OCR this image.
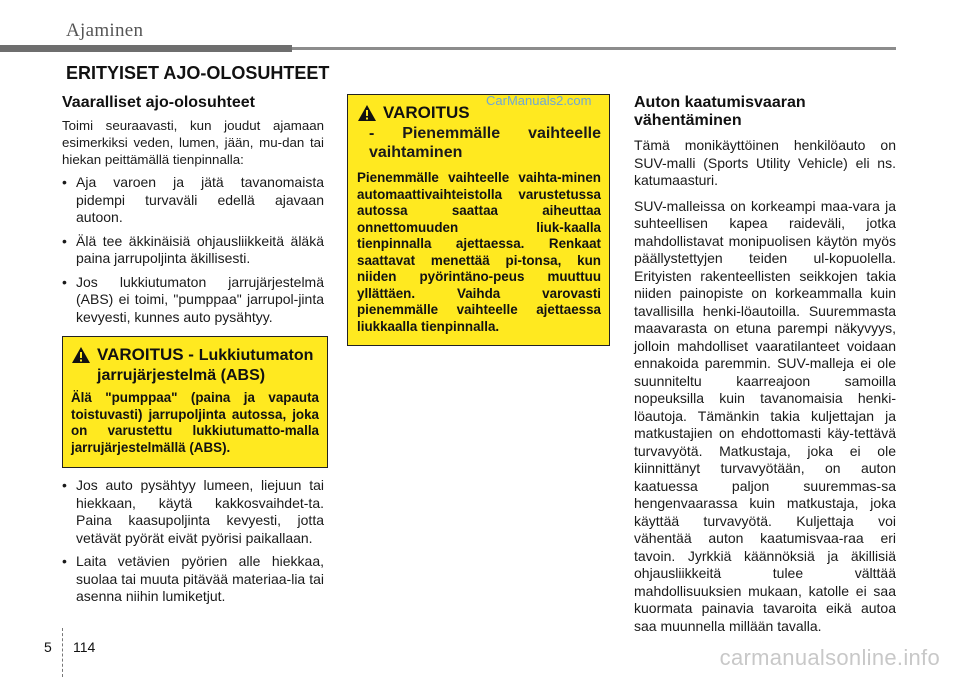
Ajaminen
ERITYISET AJO-OLOSUHTEET
Vaaralliset ajo-olosuhteet

Toimi seuraavasti, kun joudut ajamaan esimerkiksi veden, lumen, jään, mu-dan tai hiekan peittämällä tienpinnalla:

• Aja varoen ja jätä tavanomaista pidempi turvaväli edellä ajavaan autoon.
• Älä tee äkkinäisiä ohjausliikkeitä äläkä paina jarrupoljinta äkillisesti.
• Jos lukkiutumaton jarrujärjestelmä (ABS) ei toimi, "pumppaa" jarrupol-jinta kevyesti, kunnes auto pysähtyy.
VAROITUS - Lukkiutumaton
jarrujärjestelmä (ABS)
Älä "pumppaa" (paina ja vapauta toistuvasti) jarrupoljinta autossa, joka on varustettu lukkiutumatto-malla jarrujärjestelmällä (ABS).
• Jos auto pysähtyy lumeen, liejuun tai hiekkaan, käytä kakkosvaihdet-ta. Paina kaasupoljinta kevyesti, jotta vetävät pyörät eivät pyörisi paikallaan.
• Laita vetävien pyörien alle hiekkaa, suolaa tai muuta pitävää materiaa-lia tai asenna niihin lumiketjut.
VAROITUS
- Pienemmälle vaihteelle vaihtaminen
Pienemmälle vaihteelle vaihta-minen automaattivaihteistolla varustetussa autossa saattaa aiheuttaa onnettomuuden liuk-kaalla tienpinnalla ajettaessa. Renkaat saattavat menettää pi-tonsa, kun niiden pyörintäno-peus muuttuu yllättäen. Vaihda varovasti pienemmälle vaihteelle ajettaessa liukkaalla tienpinnalla.
CarManuals2.com	Auton kaatumisvaaran vähentäminen

Tämä monikäyttöinen henkilöauto on SUV-malli (Sports Utility Vehicle) eli ns. katumaasturi.

SUV-malleissa on korkeampi maa-vara ja suhteellisen kapea raideväli, jotka mahdollistavat monipuolisen käytön myös päällystettyjen teiden ul-kopuolella. Erityisten rakenteellisten seikkojen takia niiden painopiste on korkeammalla kuin tavallisilla henki-löautoilla. Suuremmasta maavarasta on etuna parempi näkyvyys, jolloin mahdolliset vaaratilanteet voidaan ennakoida paremmin. SUV-malleja ei ole suunniteltu kaarreajoon samoilla nopeuksilla kuin tavanomaisia henki-löautoja. Tämänkin takia kuljettajan ja matkustajien on ehdottomasti käy-tettävä turvavyötä. Matkustaja, joka ei ole kiinnittänyt turvavyötään, on auton kaatuessa paljon suuremmas-sa hengenvaarassa kuin matkustaja, joka käyttää turvavyötä. Kuljettaja voi vähentää auton kaatumisvaa-raa eri tavoin. Jyrkkiä käännöksiä ja äkillisiä ohjausliikkeitä tulee välttää mahdollisuuksien mukaan, katolle ei saa kuormata painavia tavaroita eikä autoa saa muunnella millään tavalla.

5 114	carmanualsonline.info
